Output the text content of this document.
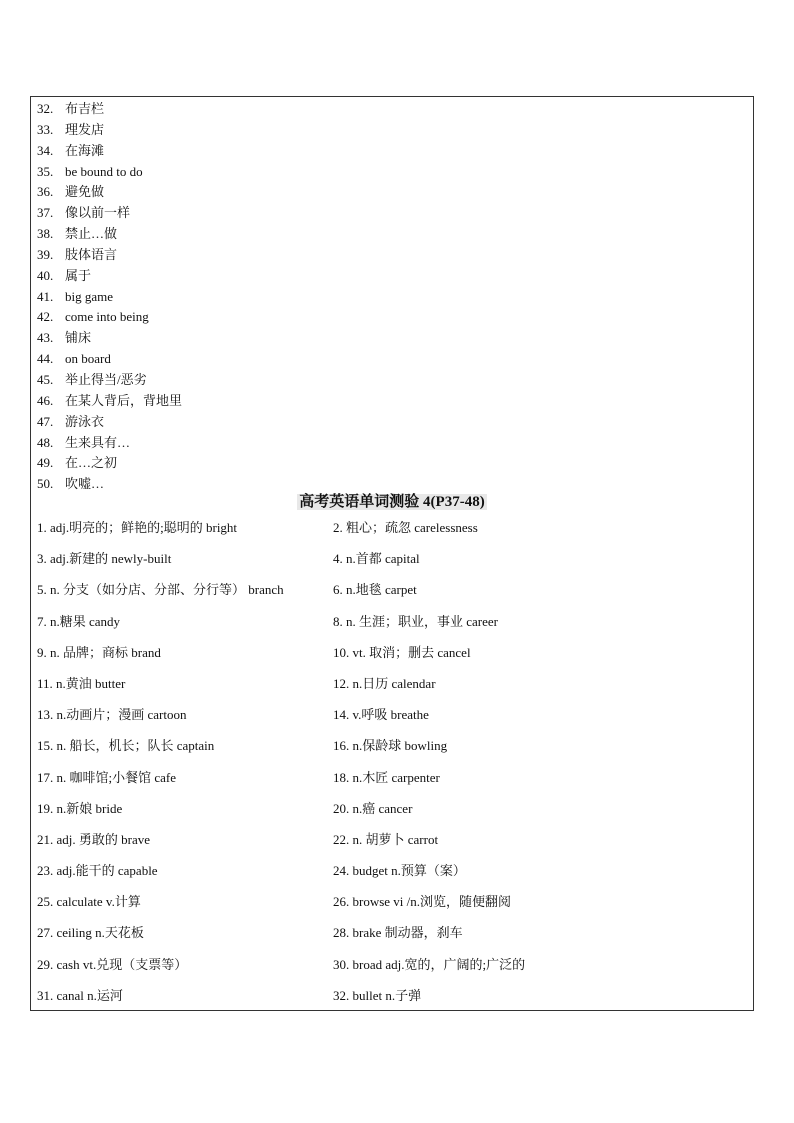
32. 布吉栏
33. 理发店
34. 在海滩
35. be bound to do
36. 避免做
37. 像以前一样
38. 禁止…做
39. 肢体语言
40. 属于
41. big game
42. come into being
43. 铺床
44. on board
45. 举止得当/恶劣
46. 在某人背后，背地里
47. 游泳衣
48. 生来具有…
49. 在…之初
50. 吹嘘…
高考英语单词测验 4(P37-48)
1. adj.明亮的；鲜艳的;聪明的 bright	2. 粗心；疏忽 carelessness
3. adj.新建的 newly-built	4. n.首都 capital
5. n. 分支（如分店、分部、分行等） branch	6. n.地毯 carpet
7. n.糖果 candy	8. n. 生涯；职业，事业 career
9. n. 品牌；商标 brand	10. vt. 取消；删去 cancel
11. n.黄油 butter	12. n.日历 calendar
13. n.动画片；漫画 cartoon	14. v.呼吸 breathe
15. n. 船长，机长；队长 captain	16. n.保龄球 bowling
17. n. 咖啡馆;小餐馆 cafe	18. n.木匠 carpenter
19. n.新娘 bride	20. n.癌 cancer
21. adj. 勇敢的 brave	22. n. 胡萝卜 carrot
23. adj.能干的 capable	24. budget n.预算（案）
25. calculate v.计算	26. browse vi /n.浏览，随便翻阅
27. ceiling n.天花板	28. brake 制动器，刹车
29. cash vt.兑现（支票等）	30. broad adj.宽的，广阔的;广泛的
31. canal n.运河	32. bullet n.子弹
